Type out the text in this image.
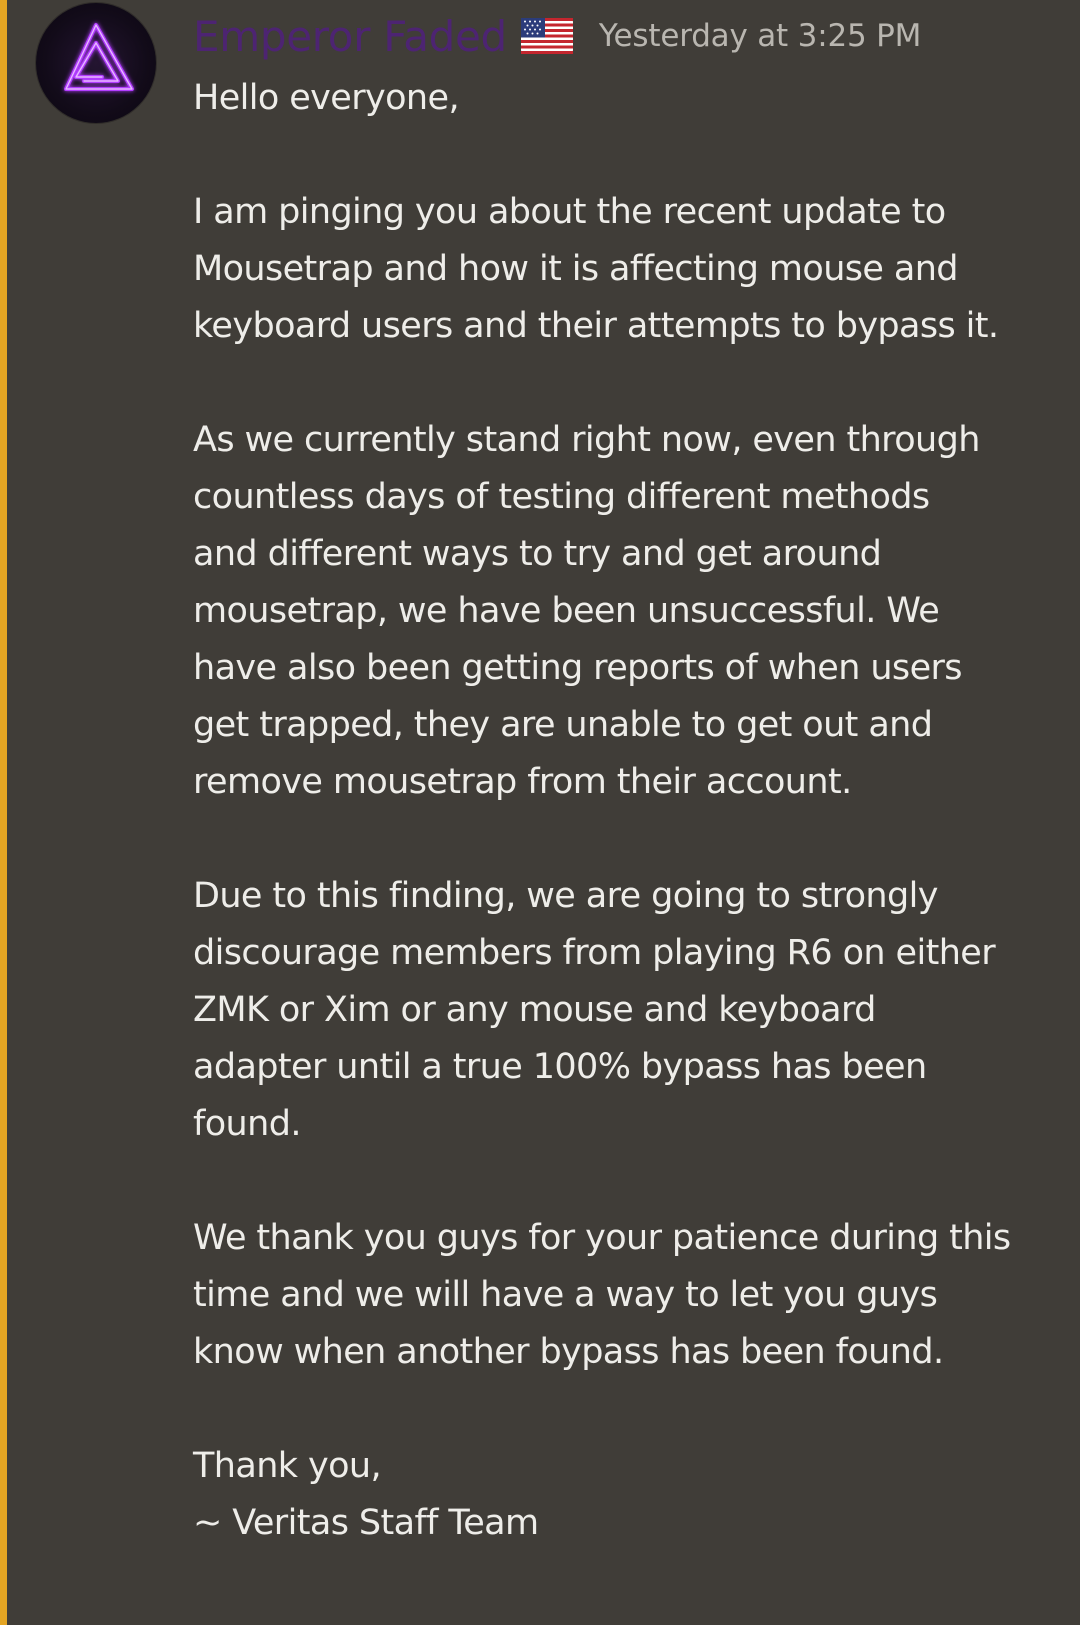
Emperor Faded	Yesterday at 3:25 PM

Hello everyone,

I am pinging you about the recent update to
Mousetrap and how it is affecting mouse and
keyboard users and their attempts to bypass it.

As we currently stand right now, even through
countless days of testing different methods
and different ways to try and get around
mousetrap, we have been unsuccessful. We
have also been getting reports of when users
get trapped, they are unable to get out and
remove mousetrap from their account.

Due to this finding, we are going to strongly
discourage members from playing R6 on either
ZMK or Xim or any mouse and keyboard
adapter until a true 100% bypass has been
found.

We thank you guys for your patience during this
time and we will have a way to let you guys
know when another bypass has been found.

Thank you,
~ Veritas Staff Team
